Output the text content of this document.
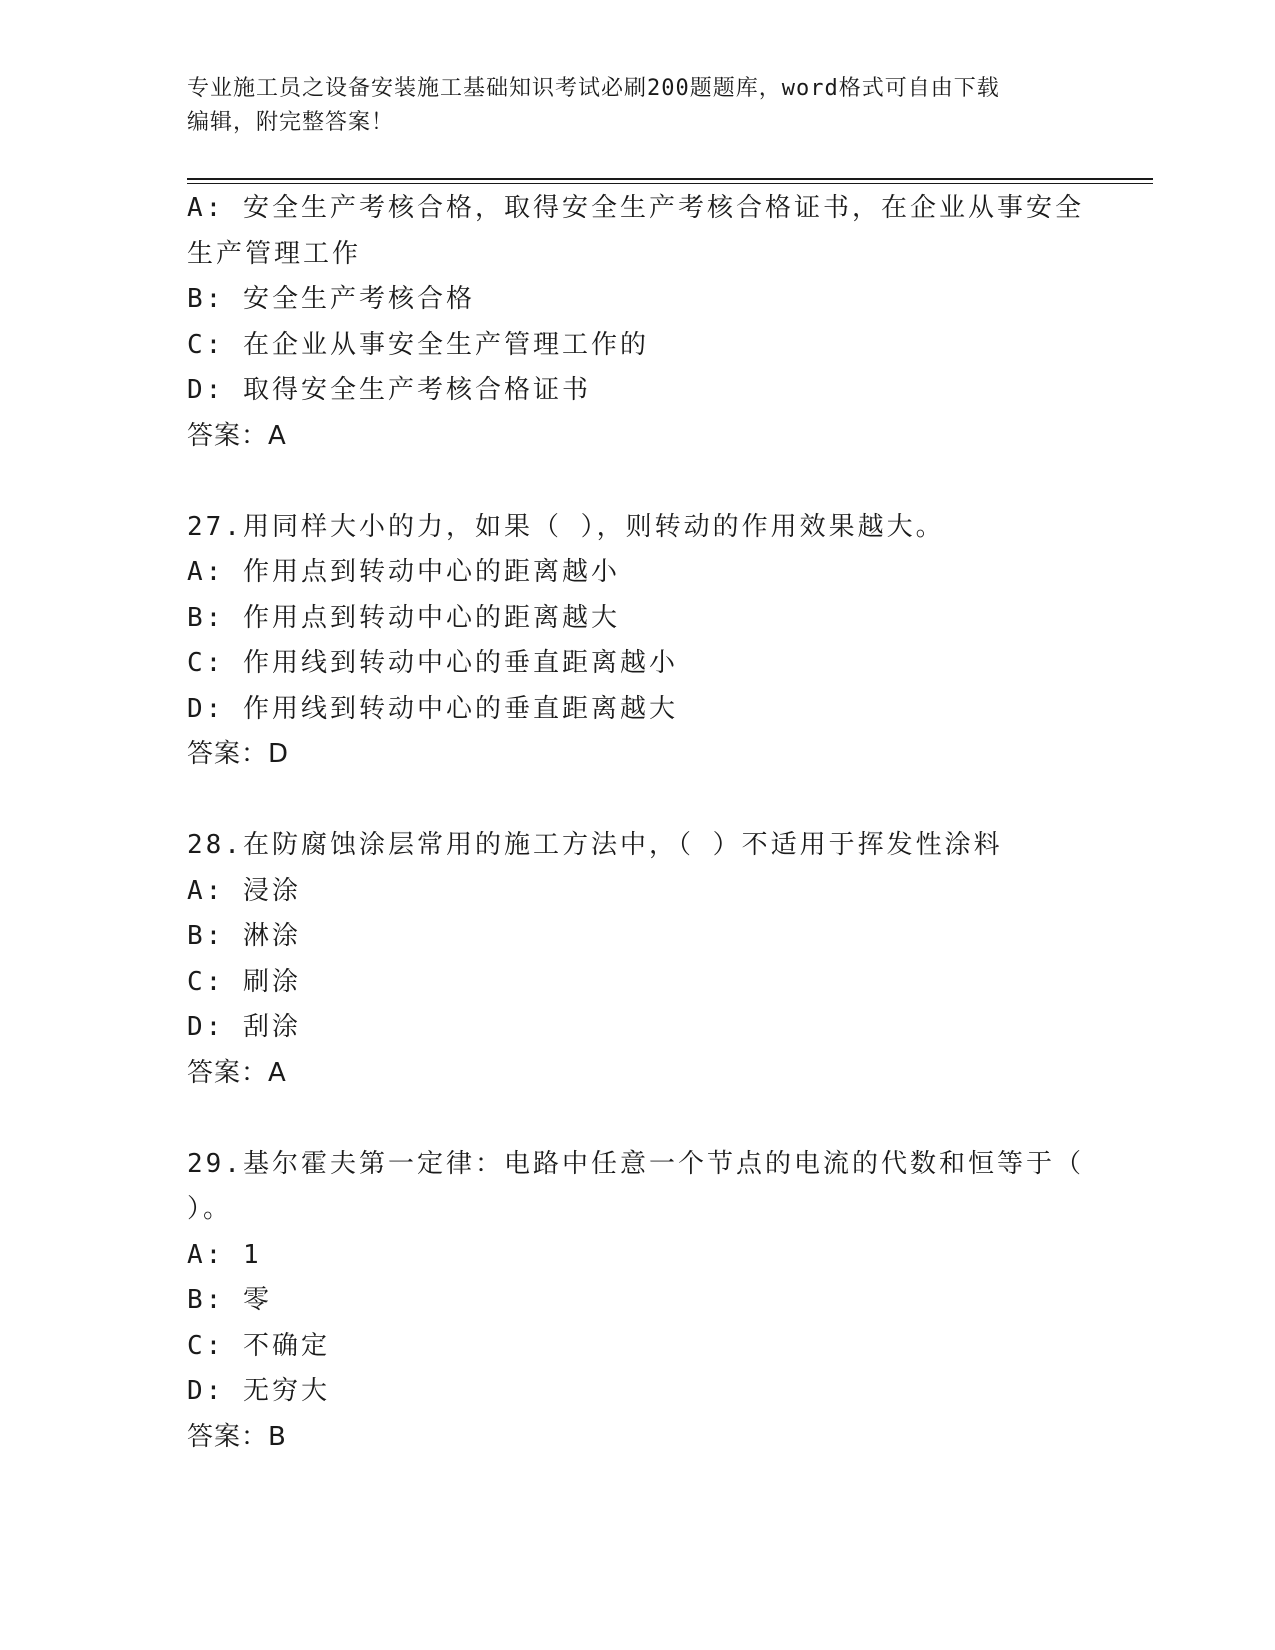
专业施工员之设备安装施工基础知识考试必刷200题题库，word格式可自由下载
编辑，附完整答案！
A: 安全生产考核合格，取得安全生产考核合格证书，在企业从事安全
生产管理工作
B: 安全生产考核合格
C: 在企业从事安全生产管理工作的
D: 取得安全生产考核合格证书
答案：A
27.用同样大小的力，如果（ ），则转动的作用效果越大。
A: 作用点到转动中心的距离越小
B: 作用点到转动中心的距离越大
C: 作用线到转动中心的垂直距离越小
D: 作用线到转动中心的垂直距离越大
答案：D
28.在防腐蚀涂层常用的施工方法中，（ ）不适用于挥发性涂料
A: 浸涂
B: 淋涂
C: 刷涂
D: 刮涂
答案：A
29.基尔霍夫第一定律：电路中任意一个节点的电流的代数和恒等于（
）。
A: 1
B: 零
C: 不确定
D: 无穷大
答案：B
